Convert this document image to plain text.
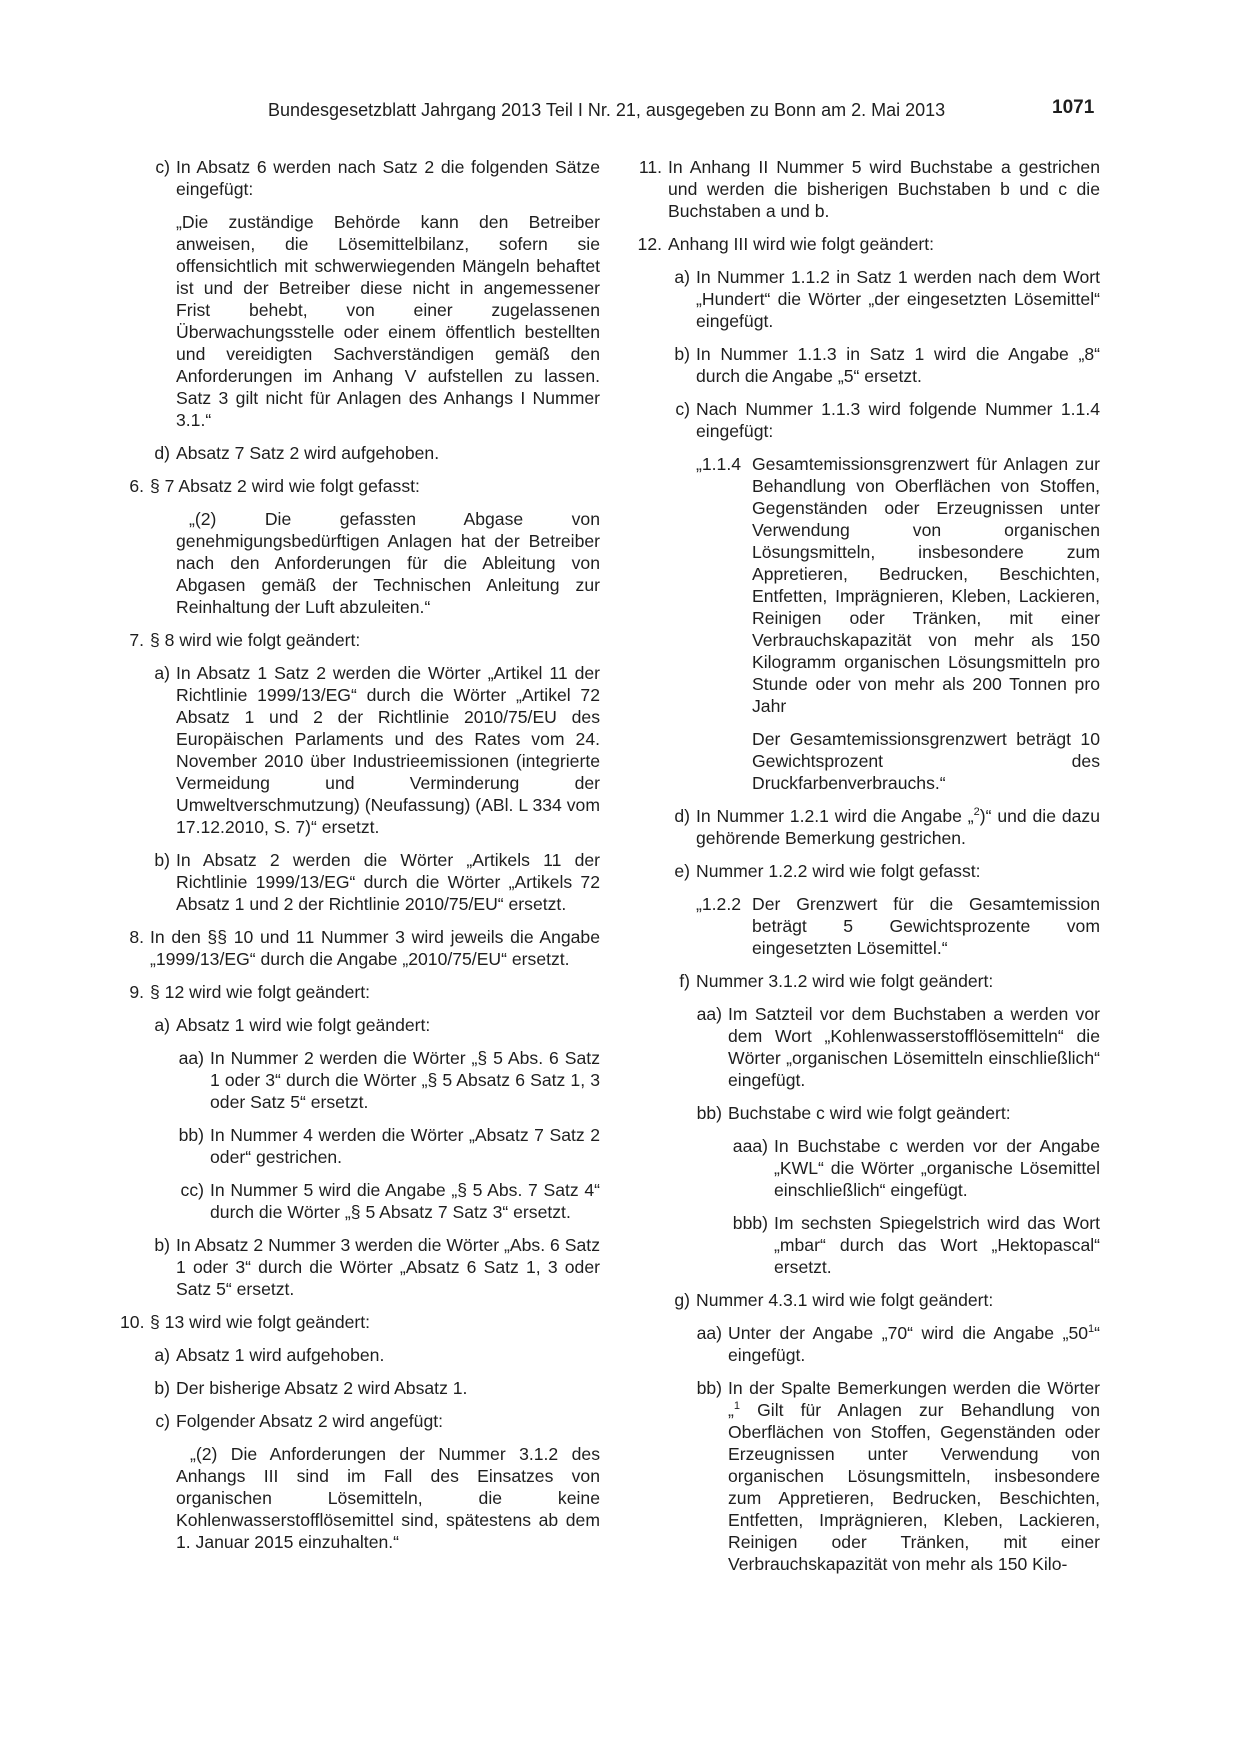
Bundesgesetzblatt Jahrgang 2013 Teil I Nr. 21, ausgegeben zu Bonn am 2. Mai 2013	1071
c) In Absatz 6 werden nach Satz 2 die folgenden Sätze eingefügt:

„Die zuständige Behörde kann den Betreiber anweisen, die Lösemittelbilanz, sofern sie offensichtlich mit schwerwiegenden Mängeln behaftet ist und der Betreiber diese nicht in angemessener Frist behebt, von einer zugelassenen Überwachungsstelle oder einem öffentlich bestellten und vereidigten Sachverständigen gemäß den Anforderungen im Anhang V aufstellen zu lassen. Satz 3 gilt nicht für Anlagen des Anhangs I Nummer 3.1.“

d) Absatz 7 Satz 2 wird aufgehoben.

6. § 7 Absatz 2 wird wie folgt gefasst:

„(2) Die gefassten Abgase von genehmigungsbedürftigen Anlagen hat der Betreiber nach den Anforderungen für die Ableitung von Abgasen gemäß der Technischen Anleitung zur Reinhaltung der Luft abzuleiten.“

7. § 8 wird wie folgt geändert:

a) In Absatz 1 Satz 2 werden die Wörter „Artikel 11 der Richtlinie 1999/13/EG“ durch die Wörter „Artikel 72 Absatz 1 und 2 der Richtlinie 2010/75/EU des Europäischen Parlaments und des Rates vom 24. November 2010 über Industrieemissionen (integrierte Vermeidung und Verminderung der Umweltverschmutzung) (Neufassung) (ABl. L 334 vom 17.12.2010, S. 7)“ ersetzt.

b) In Absatz 2 werden die Wörter „Artikels 11 der Richtlinie 1999/13/EG“ durch die Wörter „Artikels 72 Absatz 1 und 2 der Richtlinie 2010/75/EU“ ersetzt.

8. In den §§ 10 und 11 Nummer 3 wird jeweils die Angabe „1999/13/EG“ durch die Angabe „2010/75/EU“ ersetzt.

9. § 12 wird wie folgt geändert:

a) Absatz 1 wird wie folgt geändert:

aa) In Nummer 2 werden die Wörter „§ 5 Abs. 6 Satz 1 oder 3“ durch die Wörter „§ 5 Absatz 6 Satz 1, 3 oder Satz 5“ ersetzt.

bb) In Nummer 4 werden die Wörter „Absatz 7 Satz 2 oder“ gestrichen.

cc) In Nummer 5 wird die Angabe „§ 5 Abs. 7 Satz 4“ durch die Wörter „§ 5 Absatz 7 Satz 3“ ersetzt.

b) In Absatz 2 Nummer 3 werden die Wörter „Abs. 6 Satz 1 oder 3“ durch die Wörter „Absatz 6 Satz 1, 3 oder Satz 5“ ersetzt.

10. § 13 wird wie folgt geändert:

a) Absatz 1 wird aufgehoben.

b) Der bisherige Absatz 2 wird Absatz 1.

c) Folgender Absatz 2 wird angefügt:

„(2) Die Anforderungen der Nummer 3.1.2 des Anhangs III sind im Fall des Einsatzes von organischen Lösemitteln, die keine Kohlenwasserstofflösemittel sind, spätestens ab dem 1. Januar 2015 einzuhalten.“

11. In Anhang II Nummer 5 wird Buchstabe a gestrichen und werden die bisherigen Buchstaben b und c die Buchstaben a und b.

12. Anhang III wird wie folgt geändert:

a) In Nummer 1.1.2 in Satz 1 werden nach dem Wort „Hundert“ die Wörter „der eingesetzten Lösemittel“ eingefügt.

b) In Nummer 1.1.3 in Satz 1 wird die Angabe „8“ durch die Angabe „5“ ersetzt.

c) Nach Nummer 1.1.3 wird folgende Nummer 1.1.4 eingefügt:

„1.1.4 Gesamtemissionsgrenzwert für Anlagen zur Behandlung von Oberflächen von Stoffen, Gegenständen oder Erzeugnissen unter Verwendung von organischen Lösungsmitteln, insbesondere zum Appretieren, Bedrucken, Beschichten, Entfetten, Imprägnieren, Kleben, Lackieren, Reinigen oder Tränken, mit einer Verbrauchskapazität von mehr als 150 Kilogramm organischen Lösungsmitteln pro Stunde oder von mehr als 200 Tonnen pro Jahr

Der Gesamtemissionsgrenzwert beträgt 10 Gewichtsprozent des Druckfarbenverbrauchs.“

d) In Nummer 1.2.1 wird die Angabe „$^2$)“ und die dazu gehörende Bemerkung gestrichen.

e) Nummer 1.2.2 wird wie folgt gefasst:

„1.2.2 Der Grenzwert für die Gesamtemission beträgt 5 Gewichtsprozente vom eingesetzten Lösemittel.“

f) Nummer 3.1.2 wird wie folgt geändert:

aa) Im Satzteil vor dem Buchstaben a werden vor dem Wort „Kohlenwasserstofflösemitteln“ die Wörter „organischen Lösemitteln einschließlich“ eingefügt.

bb) Buchstabe c wird wie folgt geändert:

aaa) In Buchstabe c werden vor der Angabe „KWL“ die Wörter „organische Lösemittel einschließlich“ eingefügt.

bbb) Im sechsten Spiegelstrich wird das Wort „mbar“ durch das Wort „Hektopascal“ ersetzt.

g) Nummer 4.3.1 wird wie folgt geändert:

aa) Unter der Angabe „70“ wird die Angabe $„50^1“$ eingefügt.

bb) In der Spalte Bemerkungen werden die Wörter „$^1$ Gilt für Anlagen zur Behandlung von Oberflächen von Stoffen, Gegenständen oder Erzeugnissen unter Verwendung von organischen Lösungsmitteln, insbesondere zum Appretieren, Bedrucken, Beschichten, Entfetten, Imprägnieren, Kleben, Lackieren, Reinigen oder Tränken, mit einer Verbrauchskapazität von mehr als 150 Kilo-
